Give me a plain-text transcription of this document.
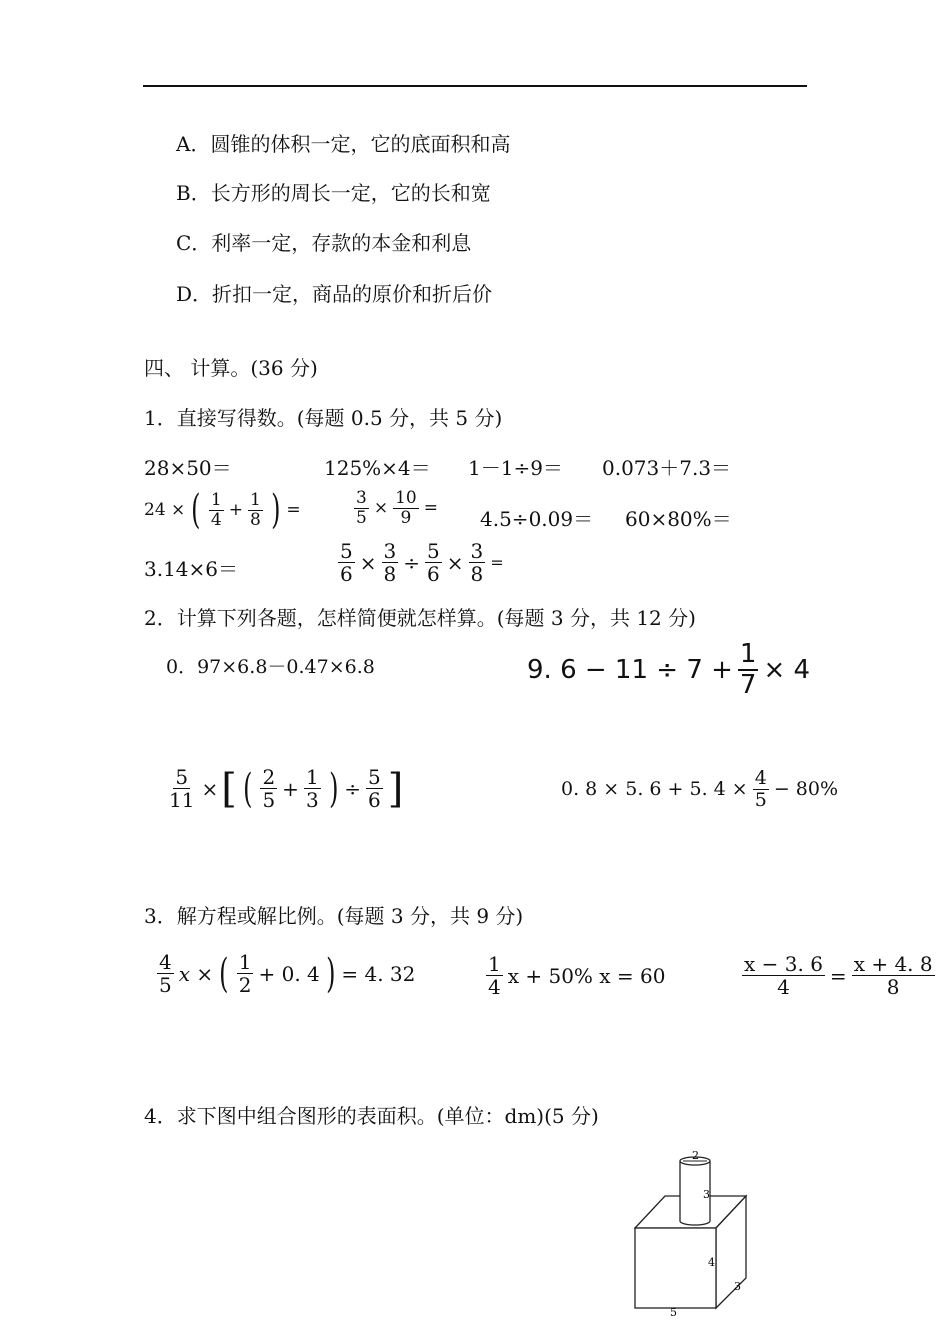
A．圆锥的体积一定，它的底面积和高
B．长方形的周长一定，它的长和宽
C．利率一定，存款的本金和利息
D．折扣一定，商品的原价和折后价
四、 计算。(36 分)
1．直接写得数。(每题 0.5 分，共 5 分)
28×50＝	125%×4＝ 1－1÷9＝ 0.073＋7.3＝
24 × ( $\frac{1}{4} + \frac{1}{8}$ ) =	$\frac{3}{5} \times \frac{10}{9} = 4.5\div 0.09= 60\times 80\%=$
3.14×6＝	$\frac{5}{6} \times \frac{3}{8} \div \frac{5}{6} \times \frac{3}{8}$ =
2．计算下列各题，怎样简便就怎样算。(每题 3 分，共 12 分)
0．97×6.8－0.47×6.8	9. $6 - 11 \div 7 + \frac{1}{7} \times 4$
$\frac{5}{11}$ × [ ( $\frac{2}{5} + \frac{1}{3}$ ) ÷ $\frac{5}{6}$ ]	0. 8 × 5. 6 + 5. $4 \times \frac{4}{5} - 80\%$
3．解方程或解比例。(每题 3 分，共 9 分)
$\frac{4}{5}$ x × ( $\frac{1}{2} + 0$. 4 ) = 4. 32	$\frac{1}{4}$ x + 50% x = 60	$\frac{x - 3. 6}{4} = \frac{x + 4. 8}{8}$
4．求下图中组合图形的表面积。(单位：dm)(5 分)
2
3
4
3
5
